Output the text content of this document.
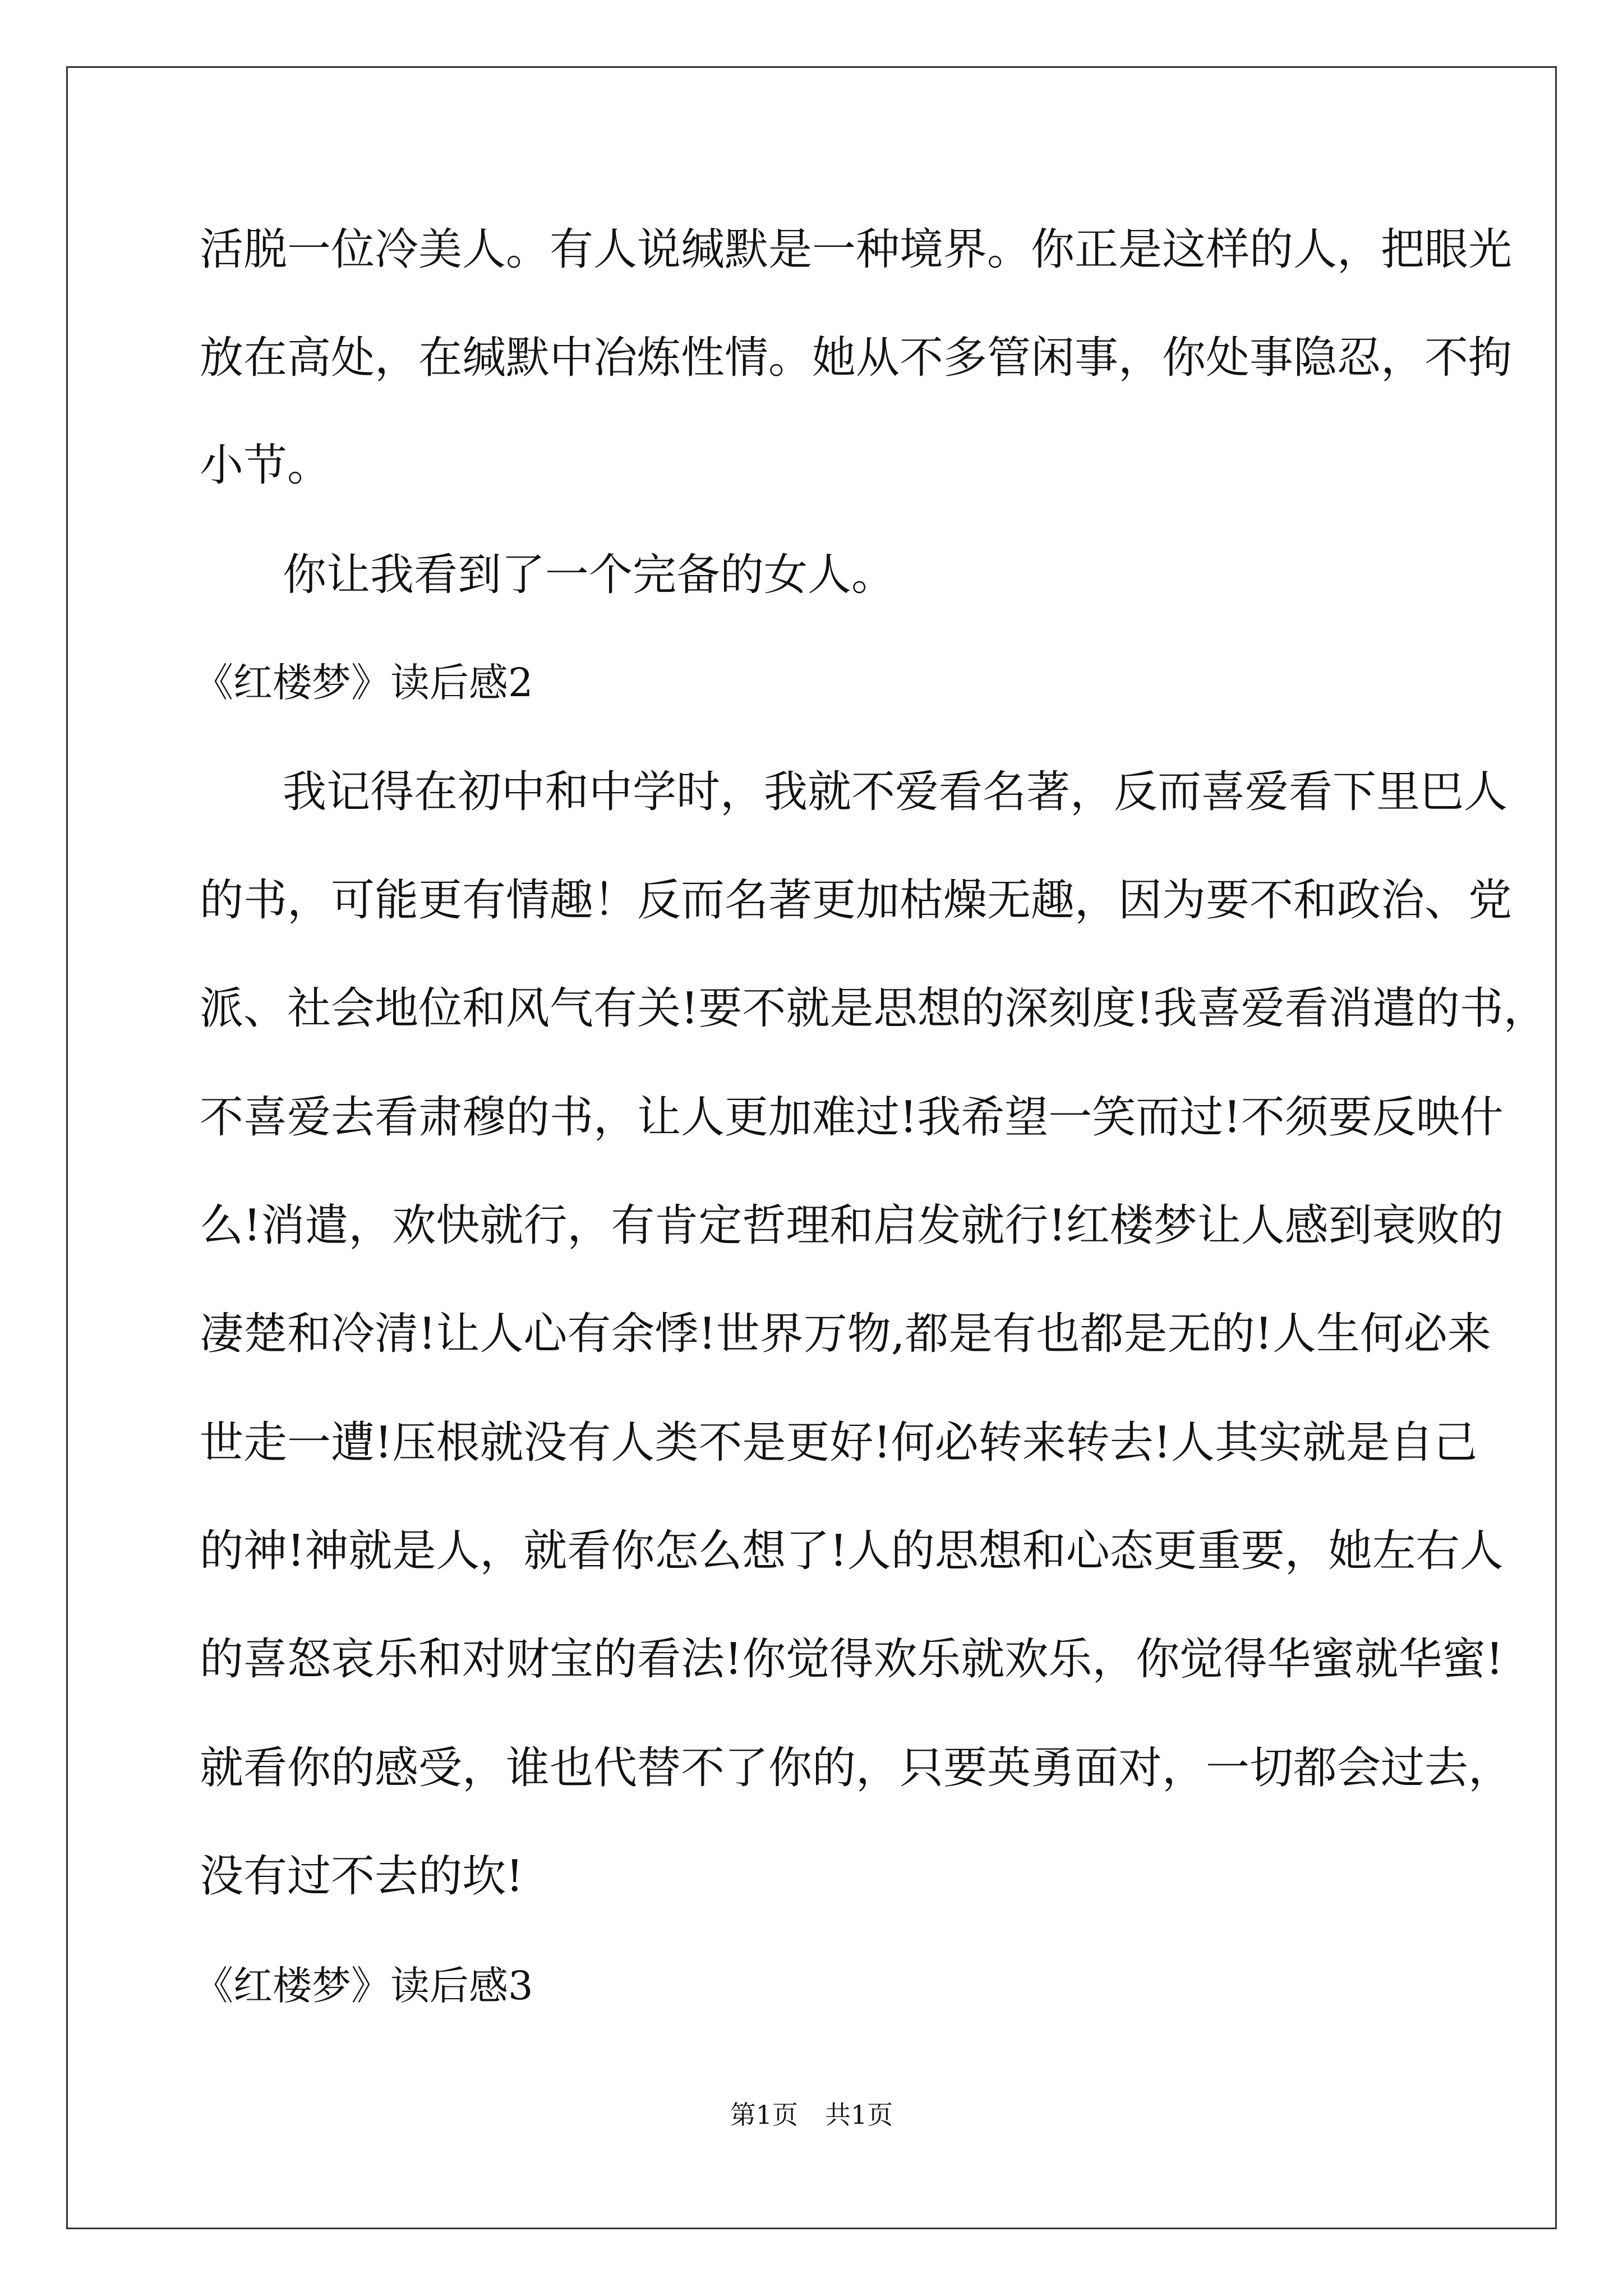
活脱一位冷美人。有人说缄默是一种境界。你正是这样的人，把眼光
放在高处，在缄默中冶炼性情。她从不多管闲事，你处事隐忍，不拘
小节。
你让我看到了一个完备的女人。
《红楼梦》读后感2
我记得在初中和中学时，我就不爱看名著，反而喜爱看下里巴人
的书，可能更有情趣！反而名著更加枯燥无趣，因为要不和政治、党
派、社会地位和风气有关!要不就是思想的深刻度!我喜爱看消遣的书，
不喜爱去看肃穆的书，让人更加难过!我希望一笑而过!不须要反映什
么!消遣，欢快就行，有肯定哲理和启发就行!红楼梦让人感到衰败的
凄楚和冷清!让人心有余悸!世界万物,都是有也都是无的!人生何必来
世走一遭!压根就没有人类不是更好!何必转来转去!人其实就是自己
的神!神就是人，就看你怎么想了!人的思想和心态更重要，她左右人
的喜怒哀乐和对财宝的看法!你觉得欢乐就欢乐，你觉得华蜜就华蜜!
就看你的感受，谁也代替不了你的，只要英勇面对，一切都会过去，
没有过不去的坎!
《红楼梦》读后感3
第1页 共1页
